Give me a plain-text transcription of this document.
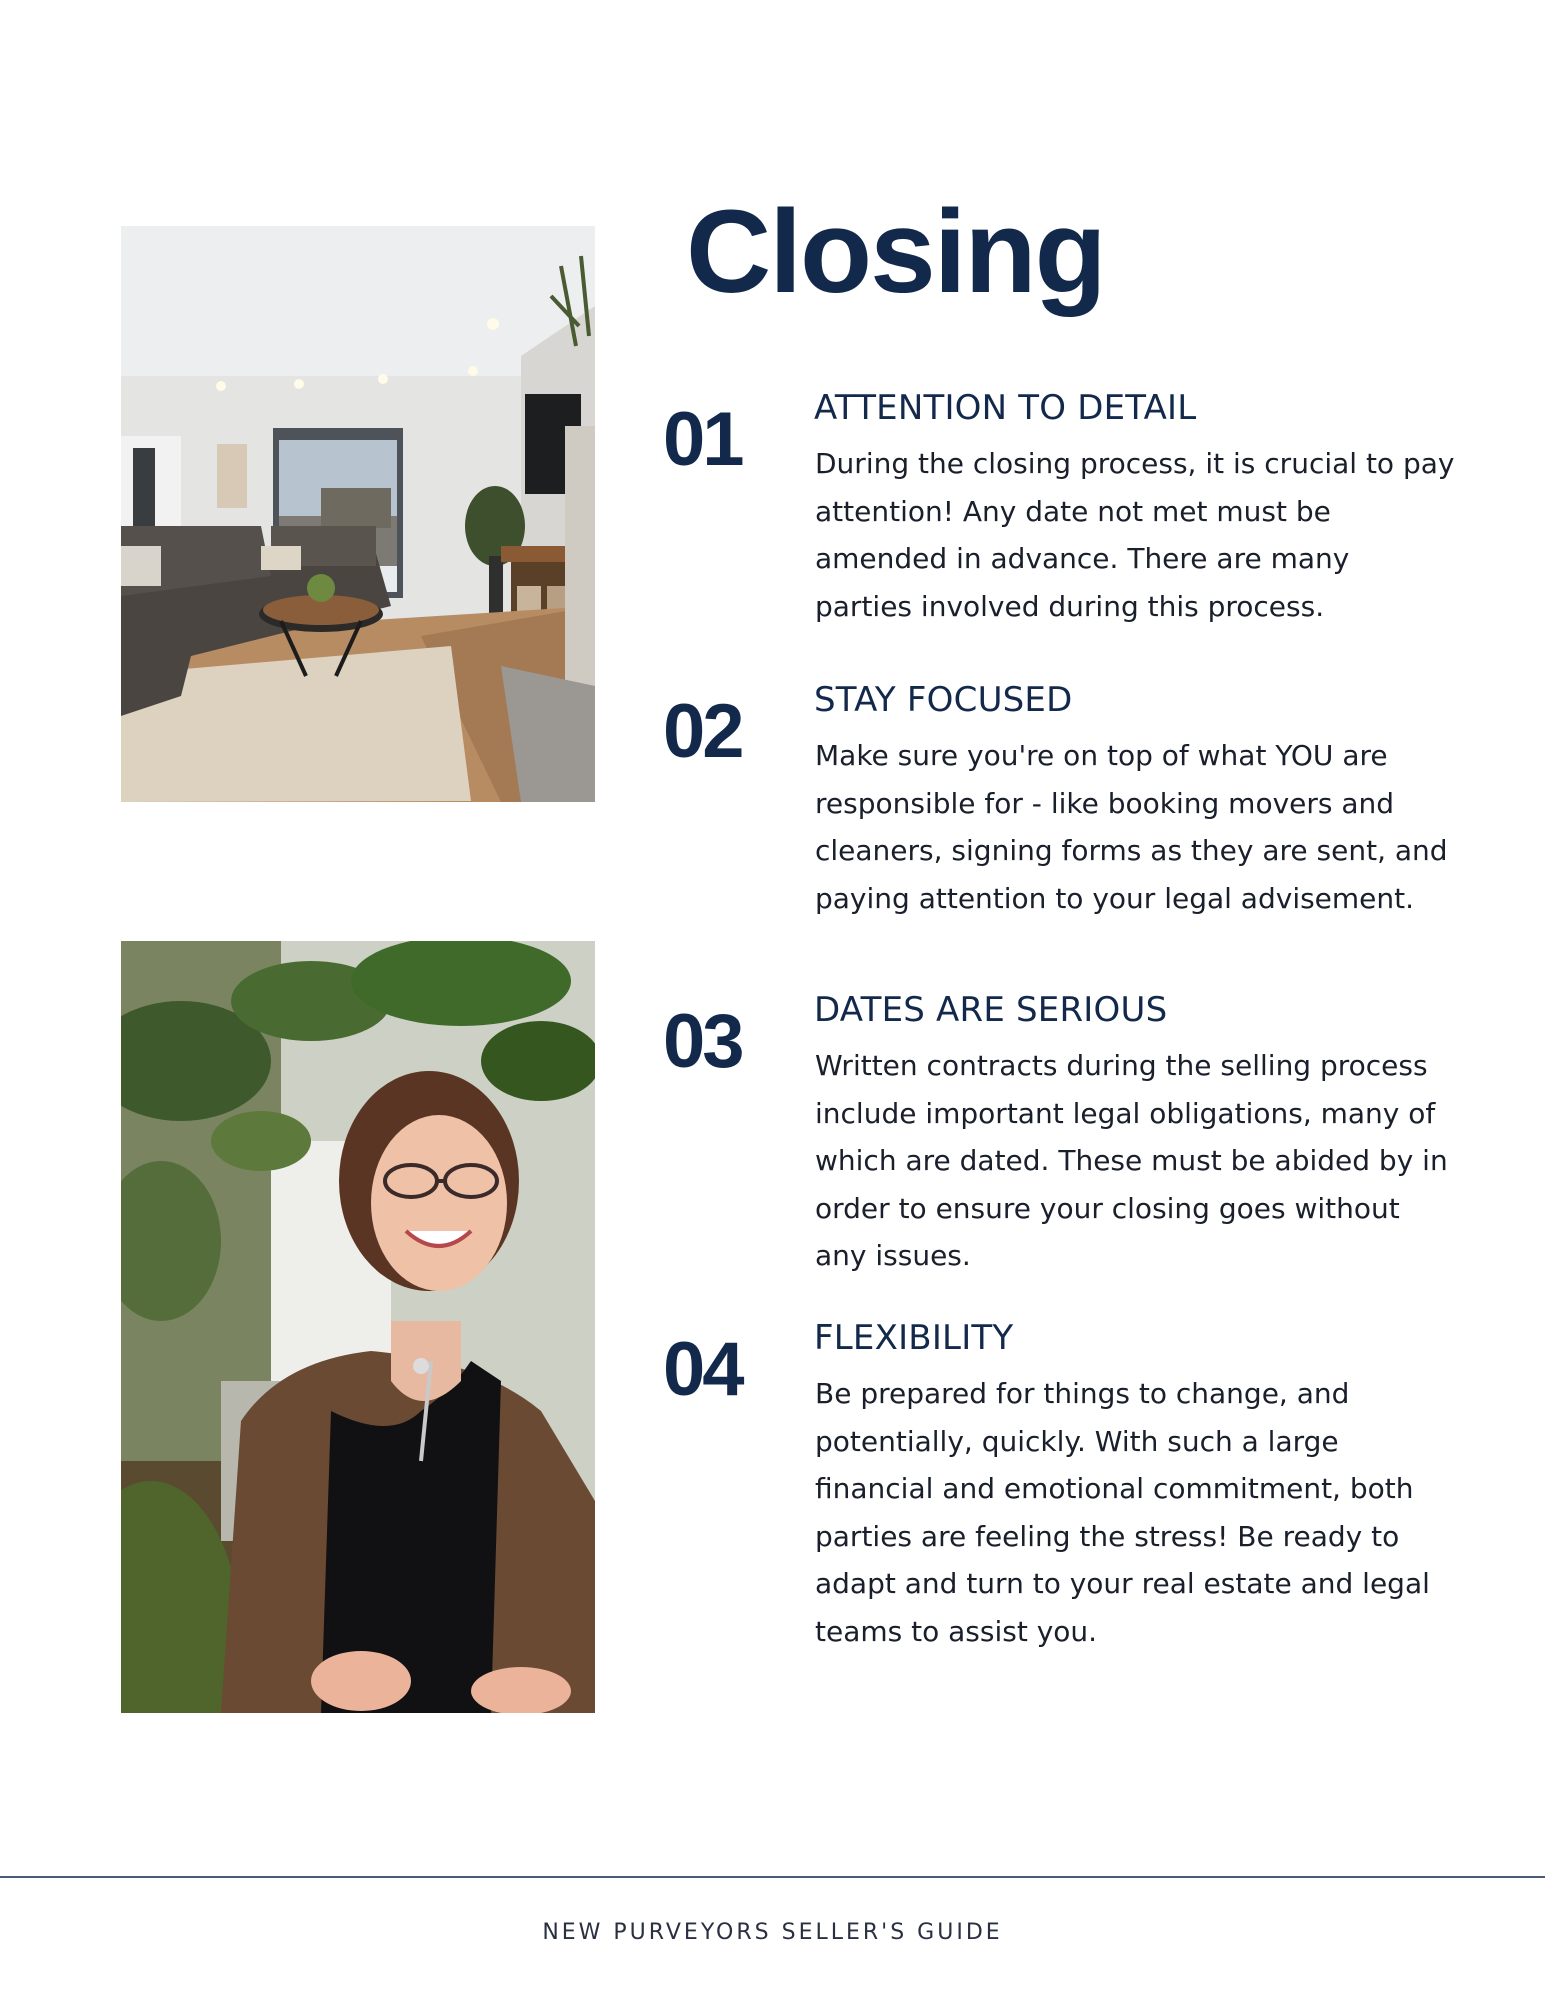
Closing
01 ATTENTION TO DETAIL

During the closing process, it is crucial to pay attention! Any date not met must be amended in advance. There are many parties involved during this process.

02 STAY FOCUSED

Make sure you're on top of what YOU are responsible for - like booking movers and cleaners, signing forms as they are sent, and paying attention to your legal advisement.

03 DATES ARE SERIOUS

Written contracts during the selling process include important legal obligations, many of which are dated. These must be abided by in order to ensure your closing goes without any issues.

04 FLEXIBILITY

Be prepared for things to change, and potentially, quickly. With such a large financial and emotional commitment, both parties are feeling the stress! Be ready to adapt and turn to your real estate and legal teams to assist you.

NEW PURVEYORS SELLER'S GUIDE
